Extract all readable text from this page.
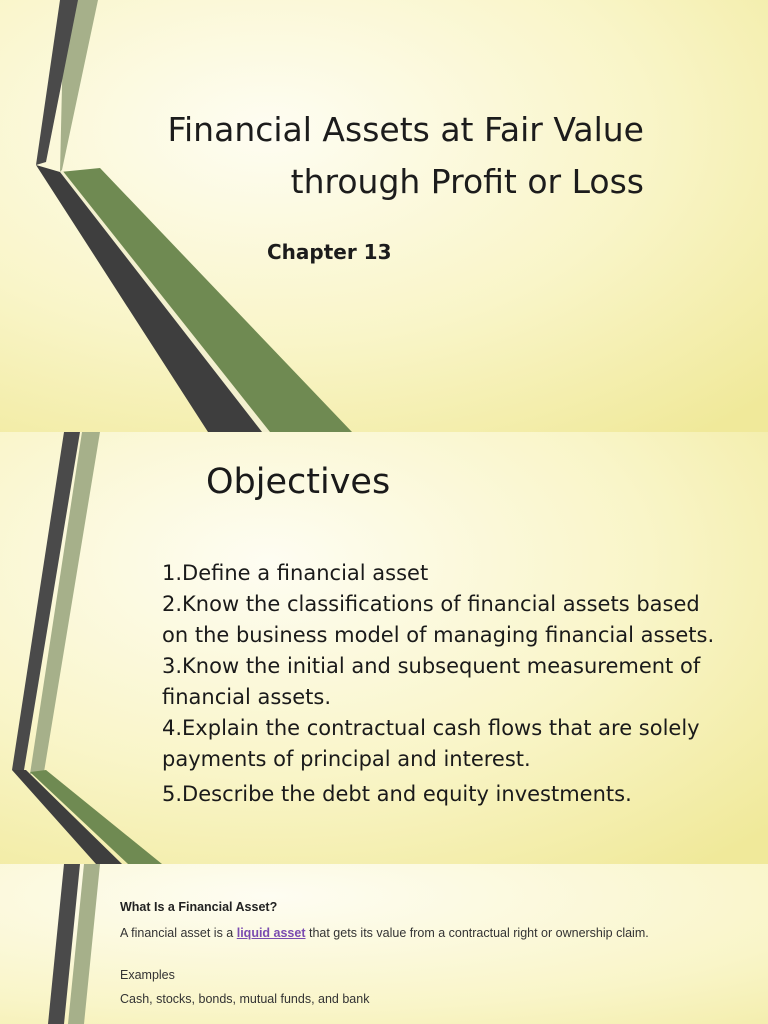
Financial Assets at Fair Value
through Profit or Loss

Chapter 13

Objectives
1.Define a financial asset
2.Know the classifications of financial assets based on the business model of managing financial assets.
3.Know the initial and subsequent measurement of financial assets.
4.Explain the contractual cash flows that are solely payments of principal and interest.
5.Describe the debt and equity investments.

What Is a Financial Asset?

A financial asset is a liquid asset that gets its value from a contractual right or ownership claim.

Examples

Cash, stocks, bonds, mutual funds, and bank
